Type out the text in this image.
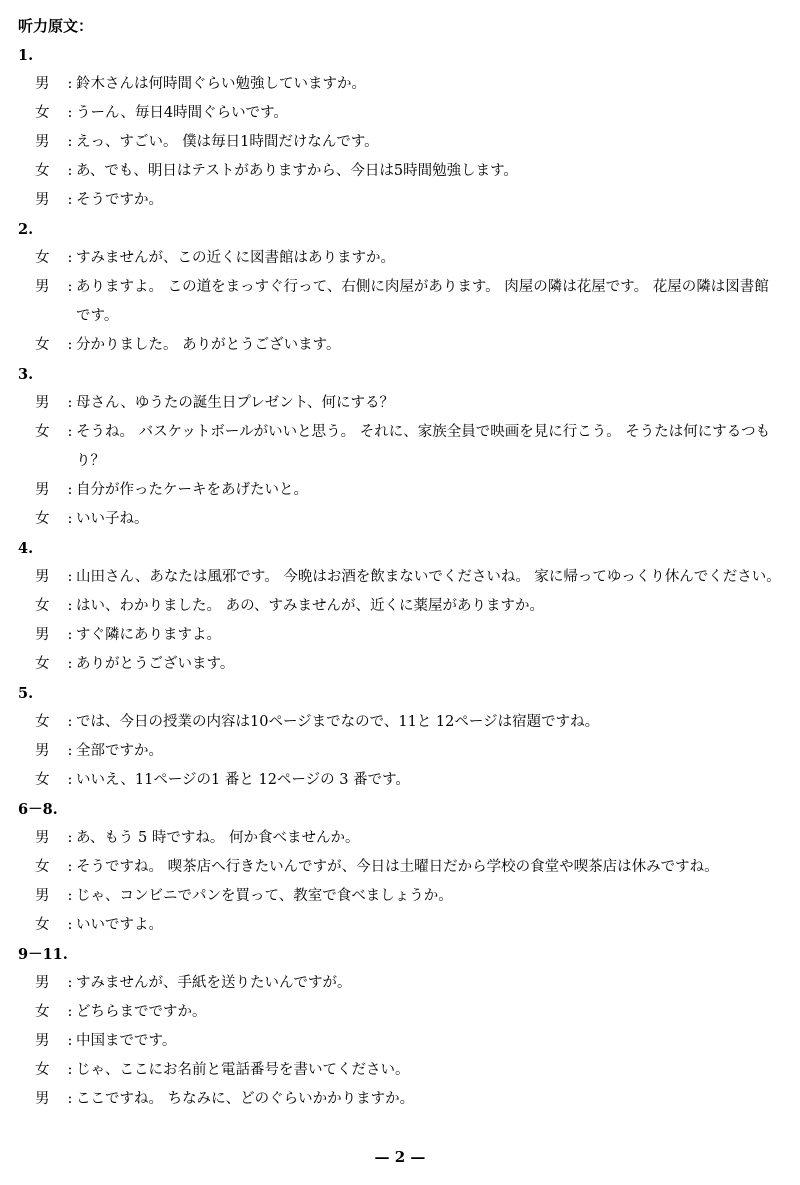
听力原文：
1.
男	: 鈴木さんは何時間ぐらい勉強していますか。
女	: うーん、毎日4時間ぐらいです。
男	: えっ、すごい。 僕は毎日1時間だけなんです。
女	: あ、でも、明日はテストがありますから、今日は5時間勉強します。
男	: そうですか。
2.
女	: すみませんが、この近くに図書館はありますか。
男	: ありますよ。 この道をまっすぐ行って、右側に肉屋があります。 肉屋の隣は花屋です。 花屋の隣は図書館です。
女	: 分かりました。 ありがとうございます。
3.
男	: 母さん、ゆうたの誕生日プレゼント、何にする？
女	: そうね。 バスケットボールがいいと思う。 それに、家族全員で映画を見に行こう。 そうたは何にするつもり？
男	: 自分が作ったケーキをあげたいと。
女	: いい子ね。
4.
男	: 山田さん、あなたは風邪です。 今晩はお酒を飲まないでくださいね。 家に帰ってゆっくり休んでください。
女	: はい、わかりました。 あの、すみませんが、近くに薬屋がありますか。
男	: すぐ隣にありますよ。
女	: ありがとうございます。
5.
女	: では、今日の授業の内容は10ページまでなので、11と 12ページは宿題ですね。
男	: 全部ですか。
女	: いいえ、11ページの1 番と 12ページの 3 番です。
6－8.
男	: あ、もう 5 時ですね。 何か食べませんか。
女	: そうですね。 喫茶店へ行きたいんですが、今日は土曜日だから学校の食堂や喫茶店は休みですね。
男	: じゃ、コンビニでパンを買って、教室で食べましょうか。
女	: いいですよ。
9－11.
男	: すみませんが、手紙を送りたいんですが。
女	: どちらまでですか。
男	: 中国までです。
女	: じゃ、ここにお名前と電話番号を書いてください。
男	: ここですね。 ちなみに、どのぐらいかかりますか。
— 2 —
